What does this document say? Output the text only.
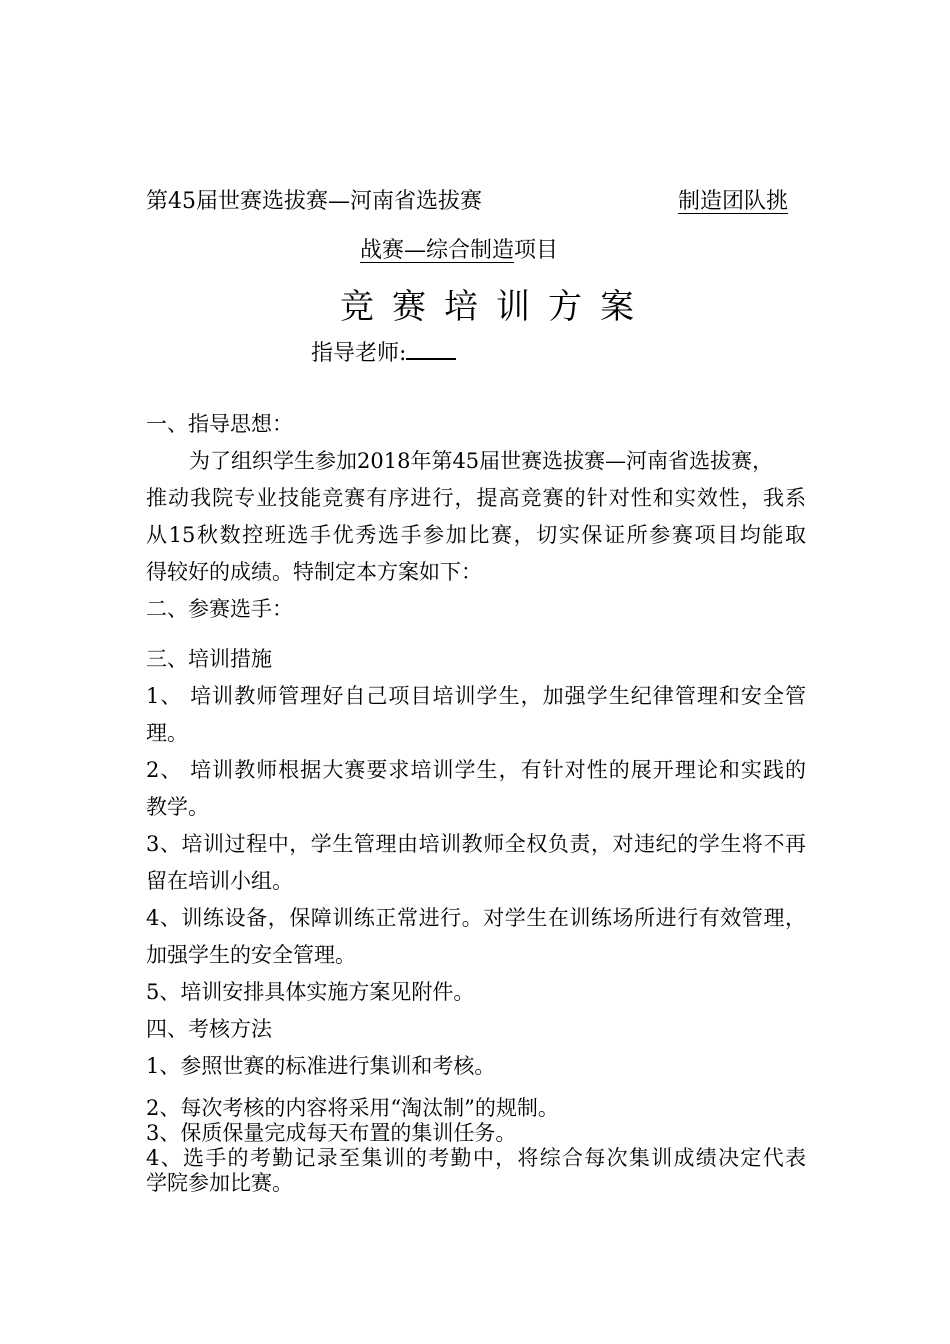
第45届世赛选拔赛—河南省选拔赛	制造团队挑
战赛—综合制造项目
竞赛培训方案
指导老师:
一、指导思想：
为了组织学生参加2018年第45届世赛选拔赛—河南省选拔赛，
推动我院专业技能竞赛有序进行，提高竞赛的针对性和实效性，我系
从15秋数控班选手优秀选手参加比赛，切实保证所参赛项目均能取
得较好的成绩。特制定本方案如下：
二、参赛选手：
三、培训措施
1、 培训教师管理好自己项目培训学生，加强学生纪律管理和安全管
理。
2、 培训教师根据大赛要求培训学生，有针对性的展开理论和实践的
教学。
3、培训过程中，学生管理由培训教师全权负责，对违纪的学生将不再
留在培训小组。
4、训练设备，保障训练正常进行。对学生在训练场所进行有效管理，
加强学生的安全管理。
5、培训安排具体实施方案见附件。
四、考核方法
1、参照世赛的标准进行集训和考核。
2、每次考核的内容将采用“淘汰制”的规制。
3、保质保量完成每天布置的集训任务。
4、选手的考勤记录至集训的考勤中，将综合每次集训成绩决定代表
学院参加比赛。
